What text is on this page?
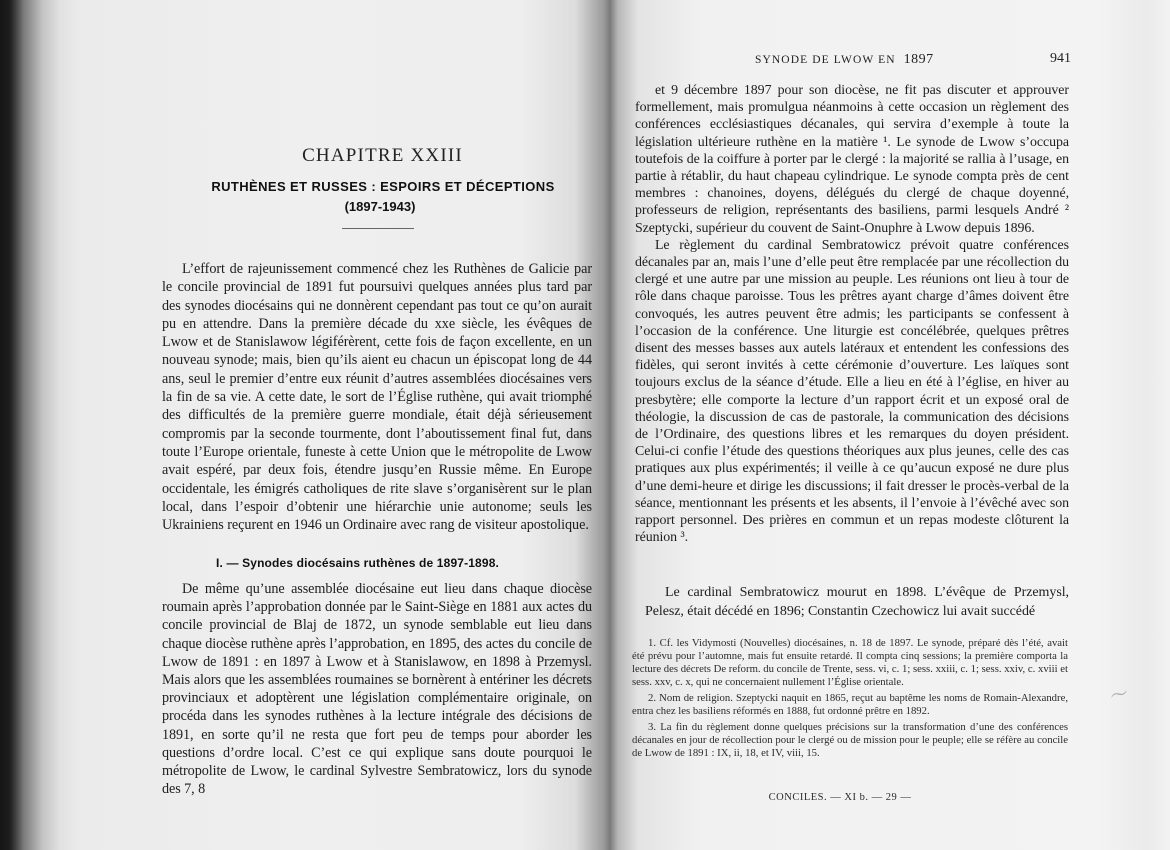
CHAPITRE XXIII
RUTHÈNES ET RUSSES : ESPOIRS ET DÉCEPTIONS
(1897-1943)

L’effort de rajeunissement commencé chez les Ruthènes de Galicie par le concile provincial de 1891 fut poursuivi quelques années plus tard par des synodes diocésains qui ne donnèrent cependant pas tout ce qu’on aurait pu en attendre. Dans la première décade du xxe siècle, les évêques de Lwow et de Stanislawow légiférèrent, cette fois de façon excellente, en un nouveau synode; mais, bien qu’ils aient eu chacun un épiscopat long de 44 ans, seul le premier d’entre eux réunit d’autres assemblées diocésaines vers la fin de sa vie. A cette date, le sort de l’Église ruthène, qui avait triomphé des difficultés de la première guerre mondiale, était déjà sérieusement compromis par la seconde tourmente, dont l’aboutissement final fut, dans toute l’Europe orientale, funeste à cette Union que le métropolite de Lwow avait espéré, par deux fois, étendre jusqu’en Russie même. En Europe occidentale, les émigrés catholiques de rite slave s’organisèrent sur le plan local, dans l’espoir d’obtenir une hiérarchie unie autonome; seuls les Ukrainiens reçurent en 1946 un Ordinaire avec rang de visiteur apostolique.

I. — Synodes diocésains ruthènes de 1897-1898.

De même qu’une assemblée diocésaine eut lieu dans chaque diocèse roumain après l’approbation donnée par le Saint-Siège en 1881 aux actes du concile provincial de Blaj de 1872, un synode semblable eut lieu dans chaque diocèse ruthène après l’approbation, en 1895, des actes du concile de Lwow de 1891 : en 1897 à Lwow et à Stanislawow, en 1898 à Przemysl. Mais alors que les assemblées roumaines se bornèrent à entériner les décrets provinciaux et adoptèrent une législation complémentaire originale, on procéda dans les synodes ruthènes à la lecture intégrale des décisions de 1891, en sorte qu’il ne resta que fort peu de temps pour aborder les questions d’ordre local. C’est ce qui explique sans doute pourquoi le métropolite de Lwow, le cardinal Sylvestre Sembratowicz, lors du synode des 7, 8

SYNODE DE LWOW EN 1897	941

et 9 décembre 1897 pour son diocèse, ne fit pas discuter et approuver formellement, mais promulgua néanmoins à cette occasion un règlement des conférences ecclésiastiques décanales, qui servira d’exemple à toute la législation ultérieure ruthène en la matière ¹. Le synode de Lwow s’occupa toutefois de la coiffure à porter par le clergé : la majorité se rallia à l’usage, en partie à rétablir, du haut chapeau cylindrique. Le synode compta près de cent membres : chanoines, doyens, délégués du clergé de chaque doyenné, professeurs de religion, représentants des basiliens, parmi lesquels André ² Szeptycki, supérieur du couvent de Saint-Onuphre à Lwow depuis 1896.

Le règlement du cardinal Sembratowicz prévoit quatre conférences décanales par an, mais l’une d’elle peut être remplacée par une récollection du clergé et une autre par une mission au peuple. Les réunions ont lieu à tour de rôle dans chaque paroisse. Tous les prêtres ayant charge d’âmes doivent être convoqués, les autres peuvent être admis; les participants se confessent à l’occasion de la conférence. Une liturgie est concélébrée, quelques prêtres disent des messes basses aux autels latéraux et entendent les confessions des fidèles, qui seront invités à cette cérémonie d’ouverture. Les laïques sont toujours exclus de la séance d’étude. Elle a lieu en été à l’église, en hiver au presbytère; elle comporte la lecture d’un rapport écrit et un exposé oral de théologie, la discussion de cas de pastorale, la communication des décisions de l’Ordinaire, des questions libres et les remarques du doyen président. Celui-ci confie l’étude des questions théoriques aux plus jeunes, celle des cas pratiques aux plus expérimentés; il veille à ce qu’aucun exposé ne dure plus d’une demi-heure et dirige les discussions; il fait dresser le procès-verbal de la séance, mentionnant les présents et les absents, il l’envoie à l’évêché avec son rapport personnel. Des prières en commun et un repas modeste clôturent la réunion ³.

Le cardinal Sembratowicz mourut en 1898. L’évêque de Przemysl, Pelesz, était décédé en 1896; Constantin Czechowicz lui avait succédé

1. Cf. les Vidymosti (Nouvelles) diocésaines, n. 18 de 1897. Le synode, préparé dès l’été, avait été prévu pour l’automne, mais fut ensuite retardé. Il compta cinq sessions; la première comporta la lecture des décrets De reform. du concile de Trente, sess. vi, c. 1; sess. xxiii, c. 1; sess. xxiv, c. xviii et sess. xxv, c. x, qui ne concernaient nullement l’Église orientale.

2. Nom de religion. Szeptycki naquit en 1865, reçut au baptême les noms de Romain-Alexandre, entra chez les basiliens réformés en 1888, fut ordonné prêtre en 1892.

3. La fin du règlement donne quelques précisions sur la transformation d’une des conférences décanales en jour de récollection pour le clergé ou de mission pour le peuple; elle se réfère au concile de Lwow de 1891 : IX, ii, 18, et IV, viii, 15.

～
CONCILES. — XI b. — 29 —
